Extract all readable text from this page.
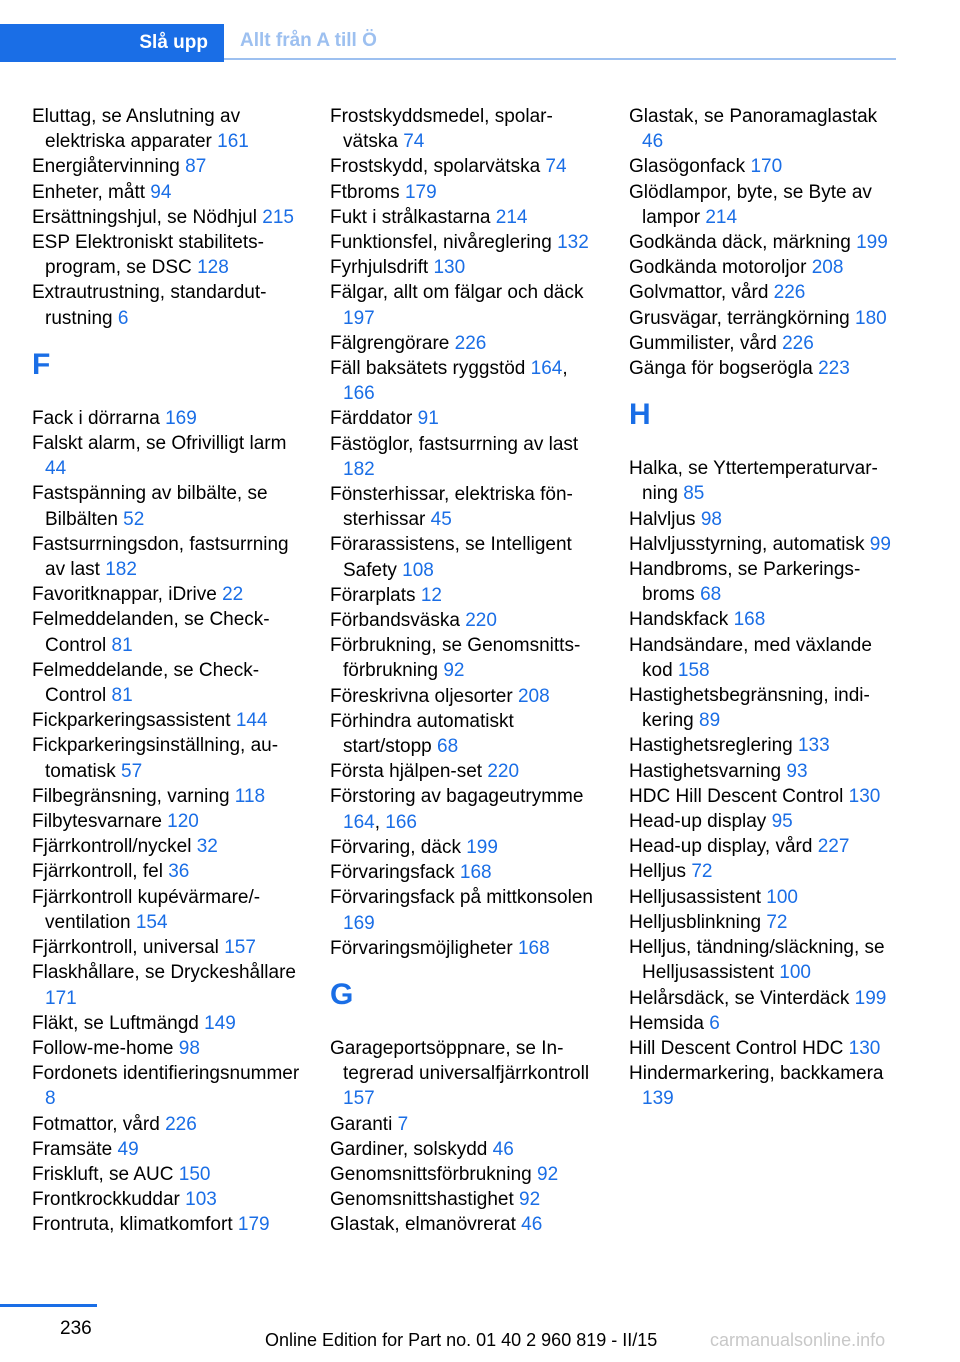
Slå upp	Allt från A till Ö

Eluttag, se Anslutning av elektriska apparater 161

Energiåtervinning 87

Enheter, mått 94

Ersättningshjul, se Nödhjul 215

ESP Elektroniskt stabilitetsprogram, se DSC 128

Extrautrustning, standardutrustning 6

F

Fack i dörrarna 169

Falskt alarm, se Ofrivilligt larm 44

Fastspänning av bilbälte, se Bilbälten 52

Fastsurrningsdon, fastsurrning av last 182

Favoritknappar, iDrive 22

Felmeddelanden, se Check-Control 81

Felmeddelande, se Check-Control 81

Fickparkeringsassistent 144

Fickparkeringsinställning, automatisk 57

Filbegränsning, varning 118

Filbytesvarnare 120

Fjärrkontroll/nyckel 32

Fjärrkontroll, fel 36

Fjärrkontroll kupévärmare/-ventilation 154

Fjärrkontroll, universal 157

Flaskhållare, se Dryckeshållare 171

Fläkt, se Luftmängd 149

Follow-me-home 98

Fordonets identifieringsnummer 8

Fotmattor, vård 226

Framsäte 49

Friskluft, se AUC 150

Frontkrockkuddar 103

Frontruta, klimatkomfort 179

Frostskyddsmedel, spolarvätska 74

Frostskydd, spolarvätska 74

Ftbroms 179

Fukt i strålkastarna 214

Funktionsfel, nivåreglering 132

Fyrhjulsdrift 130

Fälgar, allt om fälgar och däck 197

Fälgrengörare 226

Fäll baksätets ryggstöd 164, 166

Färddator 91

Fästöglor, fastsurrning av last 182

Fönsterhissar, elektriska fönsterhissar 45

Förarassistens, se Intelligent Safety 108

Förarplats 12

Förbandsväska 220

Förbrukning, se Genomsnittsförbrukning 92

Föreskrivna oljesorter 208

Förhindra automatiskt start/stopp 68

Första hjälpen-set 220

Förstoring av bagageutrymme 164, 166

Förvaring, däck 199

Förvaringsfack 168

Förvaringsfack på mittkonsolen 169

Förvaringsmöjligheter 168

G

Garageportsöppnare, se Integrerad universalfjärrkontroll 157

Garanti 7

Gardiner, solskydd 46

Genomsnittsförbrukning 92

Genomsnittshastighet 92

Glastak, elmanövrerat 46

Glastak, se Panoramaglastak 46

Glasögonfack 170

Glödlampor, byte, se Byte av lampor 214

Godkända däck, märkning 199

Godkända motoroljor 208

Golvmattor, vård 226

Grusvägar, terrängkörning 180

Gummilister, vård 226

Gänga för bogserögla 223

H

Halka, se Yttertemperaturvarning 85

Halvljus 98

Halvljusstyrning, automatisk 99

Handbroms, se Parkeringsbroms 68

Handskfack 168

Handsändare, med växlande kod 158

Hastighetsbegränsning, indikering 89

Hastighetsreglering 133

Hastighetsvarning 93

HDC Hill Descent Control 130

Head-up display 95

Head-up display, vård 227

Helljus 72

Helljusassistent 100

Helljusblinkning 72

Helljus, tändning/släckning, se Helljusassistent 100

Helårsdäck, se Vinterdäck 199

Hemsida 6

Hill Descent Control HDC 130

Hindermarkering, backkamera 139

236
Online Edition for Part no. 01 40 2 960 819 - II/15	carmanualsonline.info
